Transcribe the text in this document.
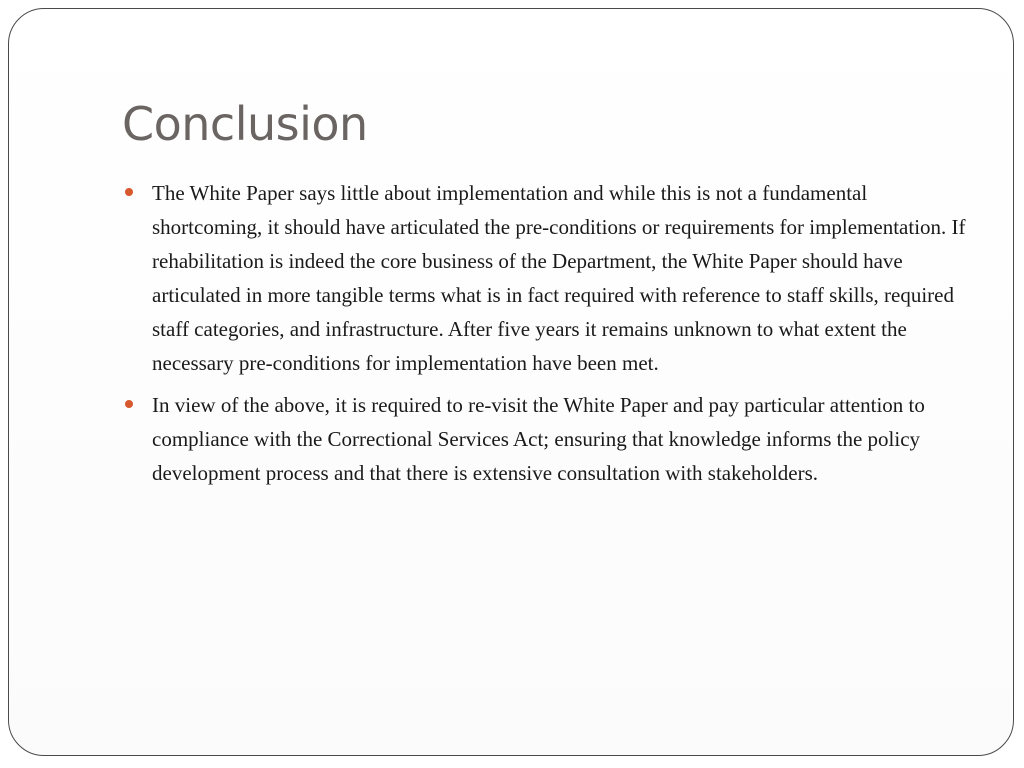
Conclusion
The White Paper says little about implementation and while this is not a fundamental shortcoming, it should have articulated the pre-conditions or requirements for implementation. If rehabilitation is indeed the core business of the Department, the White Paper should have articulated in more tangible terms what is in fact required with reference to staff skills, required staff categories, and infrastructure. After five years it remains unknown to what extent the necessary pre-conditions for implementation have been met.
In view of the above, it is required to re-visit the White Paper and pay particular attention to compliance with the Correctional Services Act; ensuring that knowledge informs the policy development process and that there is extensive consultation with stakeholders.
